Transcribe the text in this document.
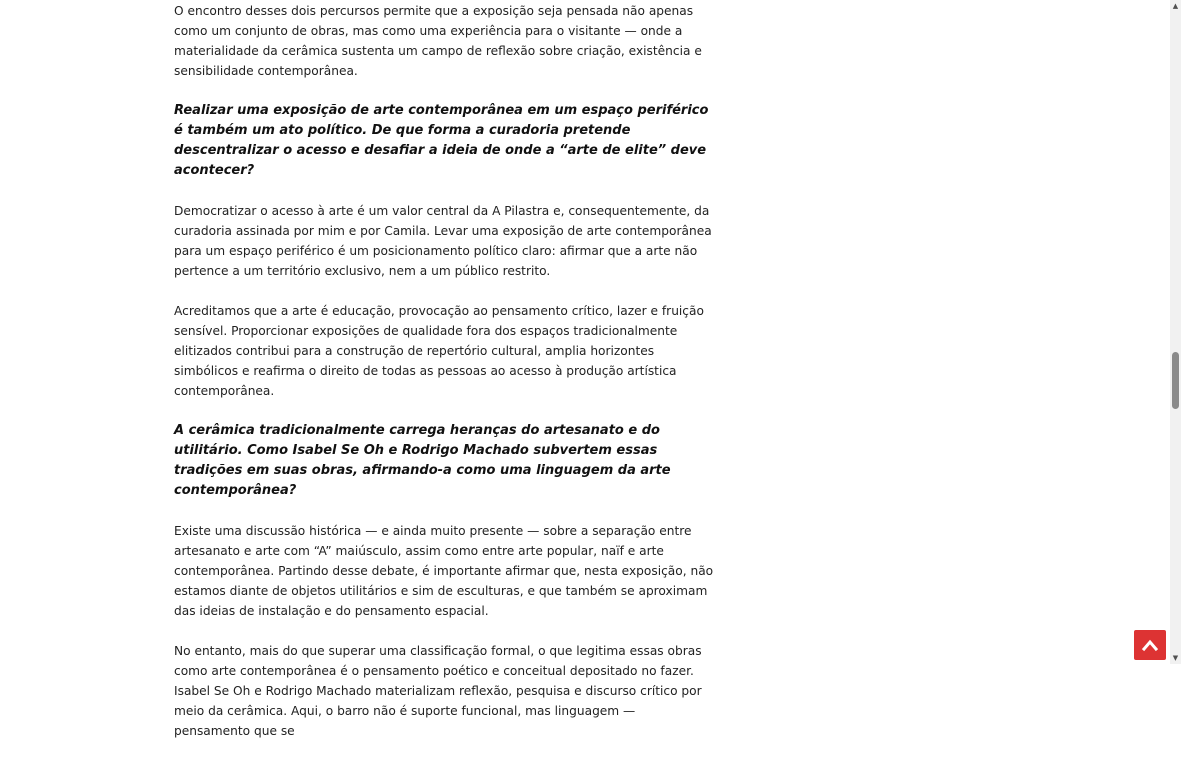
O encontro desses dois percursos permite que a exposição seja pensada não apenas como um conjunto de obras, mas como uma experiência para o visitante — onde a materialidade da cerâmica sustenta um campo de reflexão sobre criação, existência e sensibilidade contemporânea.

Realizar uma exposição de arte contemporânea em um espaço periférico é também um ato político. De que forma a curadoria pretende descentralizar o acesso e desafiar a ideia de onde a “arte de elite” deve acontecer?

Democratizar o acesso à arte é um valor central da A Pilastra e, consequentemente, da curadoria assinada por mim e por Camila. Levar uma exposição de arte contemporânea para um espaço periférico é um posicionamento político claro: afirmar que a arte não pertence a um território exclusivo, nem a um público restrito.

Acreditamos que a arte é educação, provocação ao pensamento crítico, lazer e fruição sensível. Proporcionar exposições de qualidade fora dos espaços tradicionalmente elitizados contribui para a construção de repertório cultural, amplia horizontes simbólicos e reafirma o direito de todas as pessoas ao acesso à produção artística contemporânea.

A cerâmica tradicionalmente carrega heranças do artesanato e do utilitário. Como Isabel Se Oh e Rodrigo Machado subvertem essas tradições em suas obras, afirmando-a como uma linguagem da arte contemporânea?

Existe uma discussão histórica — e ainda muito presente — sobre a separação entre artesanato e arte com “A” maiúsculo, assim como entre arte popular, naïf e arte contemporânea. Partindo desse debate, é importante afirmar que, nesta exposição, não estamos diante de objetos utilitários e sim de esculturas, e que também se aproximam das ideias de instalação e do pensamento espacial.

No entanto, mais do que superar uma classificação formal, o que legitima essas obras como arte contemporânea é o pensamento poético e conceitual depositado no fazer. Isabel Se Oh e Rodrigo Machado materializam reflexão, pesquisa e discurso crítico por meio da cerâmica. Aqui, o barro não é suporte funcional, mas linguagem — pensamento que se

▲
▼
